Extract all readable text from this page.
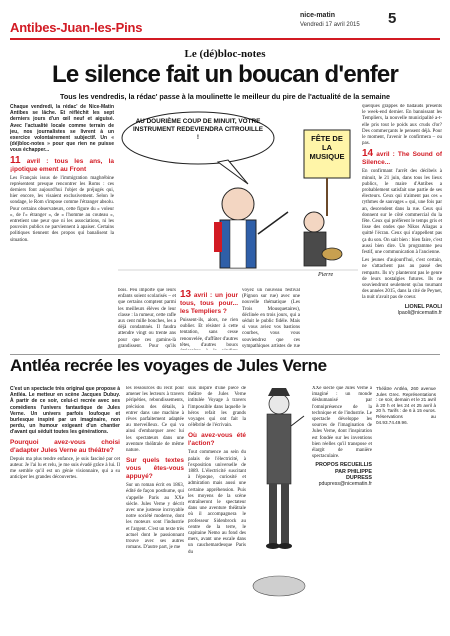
Antibes-Juan-les-Pins
nice-matin
Vendredi 17 avril 2015 5
Le (dé)bloc-notes
Le silence fait un boucan d'enfer
Tous les vendredis, la rédac' passe à la moulinette le meilleur du pire de l'actualité de la semaine

Chaque vendredi, la rédac' de Nice-Matin Antibes se lâche. Et réfléchit les sept derniers jours d'un œil neuf et aiguisé. Avec l'actualité locale comme terrain de jeu, nos journalistes se livrent à un exercice volontairement subjectif. Un « (dé)bloc-notes » pour que rien ne puisse vous échapper...

11 avril : tous les ans, la ¡ipotique ement au Front

Les Français issus de l'immigration maghrébine représentent presque rencontrer les Roms : ces derniers font aujourd'hui l'objet de préjugés qui, hier encore, les visaient exclusivement. Selon le sondage, le Rom s'impose comme l'étranger absolu. Pour certains observateurs, cette figure du « voleur », de l'« étranger », de « l'homme au couteau », entretient une peur que ni les associations, ni les pouvoirs publics ne parviennent à apaiser. Certains politiques tiennent des propos qui banalisent la situation.

AU DOURIÈME COUP DE MINUIT, VOTRE INSTRUMENT REDEVIENDRA CITROUILLE !	FÊTE DE LA MUSIQUE
Pierre

bois. Peu importe que leurs enfants soient scolarisés – et que certains comptent parmi les meilleurs élèves de leur classe : la rumeur, cette rafle aux cent mille bouches, les a déjà condamnés. Il faudra attendre vingt ou trente ans pour que ces gamins-là grandissent. Pour qu'ils

13 avril : un jour tous, tous pour... les Templiers ?

Puissent-ils, alors, ne rien oublier. Et résister à cette tentation, sans cesse renouvelée, d'affûter d'autres têtes, d'autres boucs

voyez un nouveau festival (Pignon sur rue) avec une nouvelle thématique (Les Trois Mousquetaires), déclinée en trois jours, qui a séduit le public fidèle. Mais si vous aviez vos bastions courbes, vous vous souviendrez que ces sympathiques artistes de rue

quelques grappes de badauds présents le week-end dernier. En bannissant les Templiers, la nouvelle municipalité a-t-elle pris tout le poids aux cruds d'or? Des commerçants le pensent déjà. Pour le moment, l'avenir le confirmera – ou pas.

14 avril : The Sound of Silence...

En confirmant l'arrêt des décibels à minuit, le 21 juin, dans tous les lieux publics, le maire d'Antibes a probablement satisfait une partie de ses électeurs. Ceux qui n'aiment pas ces « rythmes de sauvages » qui, une fois par an, descendent dans la rue. Ceux qui donnent sur le côté commercial du la fête. Ceux qui préfèrent le temps gris et lisse des ondes que Nikos Aliagas a quitté l'écran. Ceux qui n'appellent pas ça du son. On sait bien : bien faire, c'est aussi bien dire. Un programme peu festif, une communication à l'ancienne.

Les jeunes d'aujourd'hui, c'est certain, ne s'attachent pas au passé des remparts. Ils n'y planteront pas le genre de leurs nostalgies futures. Ils ne souviendront seulement qu'au tournant des années 2015, dans la cité de Peynet, la nuit n'avait pas de coeur.

LIONEL PAOLI
lpaoli@nicematin.fr
Antléa recrée les voyages de Jules Verne

C'est un spectacle très original que propose à Antléa. Le metteur en scène Jacques Dubuy. À partir de ce soir, celui-ci recrée avec ses comédiens l'univers fantastique de Jules Verne. Un univers parfois loufoque et burlesque inspiré par un imaginaire, non perdu, un humour exigeant d'un chantier d'avant qui séduit toutes les générations.

Pourquoi avez-vous choisi d'adapter Jules Verne au théâtre?

Depuis ma plus tendre enfance, je suis fasciné par cet auteur. Je l'ai lu et relu, je me suis évadé grâce à lui. Il me semble qu'il est un génie visionnaire, qui a su anticiper les grandes découvertes.

les ressources du récit pour amener les lecteurs à travers péripéties, rebondissements, précision des détails, à entrer dans une machine à rêves parfaitement adaptée au merveilleux. Ce qui va ainsi d'embarquer avec lui les spectateurs dans une aventure théâtrale de même nature.

Sur quels textes vous êtes-vous appuyé?

Sur un roman écrit en 1863, édité de façon posthume, qui s'appelle Paris au XXe siècle. Jules Verne y décrit avec une justesse incroyable notre société moderne, dont les moteurs sont l'industrie et l'argent. C'est un texte très actuel dont le passionnant trouve avec ses autres romans. D'autre part, je me

suis inspiré d'une pièce de théâtre de Jules Verne intitulée Voyage à travers l'impossible dans laquelle le héros refait les grands voyages qui ont fait la célébrité de l'écrivain.

Où avez-vous été l'action?

Tout commence au sein du palais de l'électricité, à l'exposition universelle de 1889. L'électricité suscitant à l'époque, curiosité et admiration mais aussi une certaine appréhension. Puis les moyens de la scène entraîneront le spectateur dans une aventure théâtrale où il accompagnera le professeur Sidenbrock au centre de la terre, le capitaine Nemo au fond des mers, avant une escale dans un cauchemardesque Paris du

XXe siècle que Jules Verne a imaginé : un monde déshumanisé par l'omniprésence de la technique et de l'industrie. Le spectacle développe les sources de l'imagination de Jules Verne, dont l'inspiration est fondée sur les inventions bien réelles qu'il transpose et élargit de manière spectaculaire.

PROPOS RECUEILLIS PAR PHILIPPE DUPRESS
pdupress@nicematin.fr

Théâtre Antléa, 260 avenue Jules Grec. Représentations : ce soir, demain et le 21 avril à 20 h et les 24 et 25 avril à 20 h. Tarifs : de 6 à 15 euros. Réservations au 04.93.74.49.96.
